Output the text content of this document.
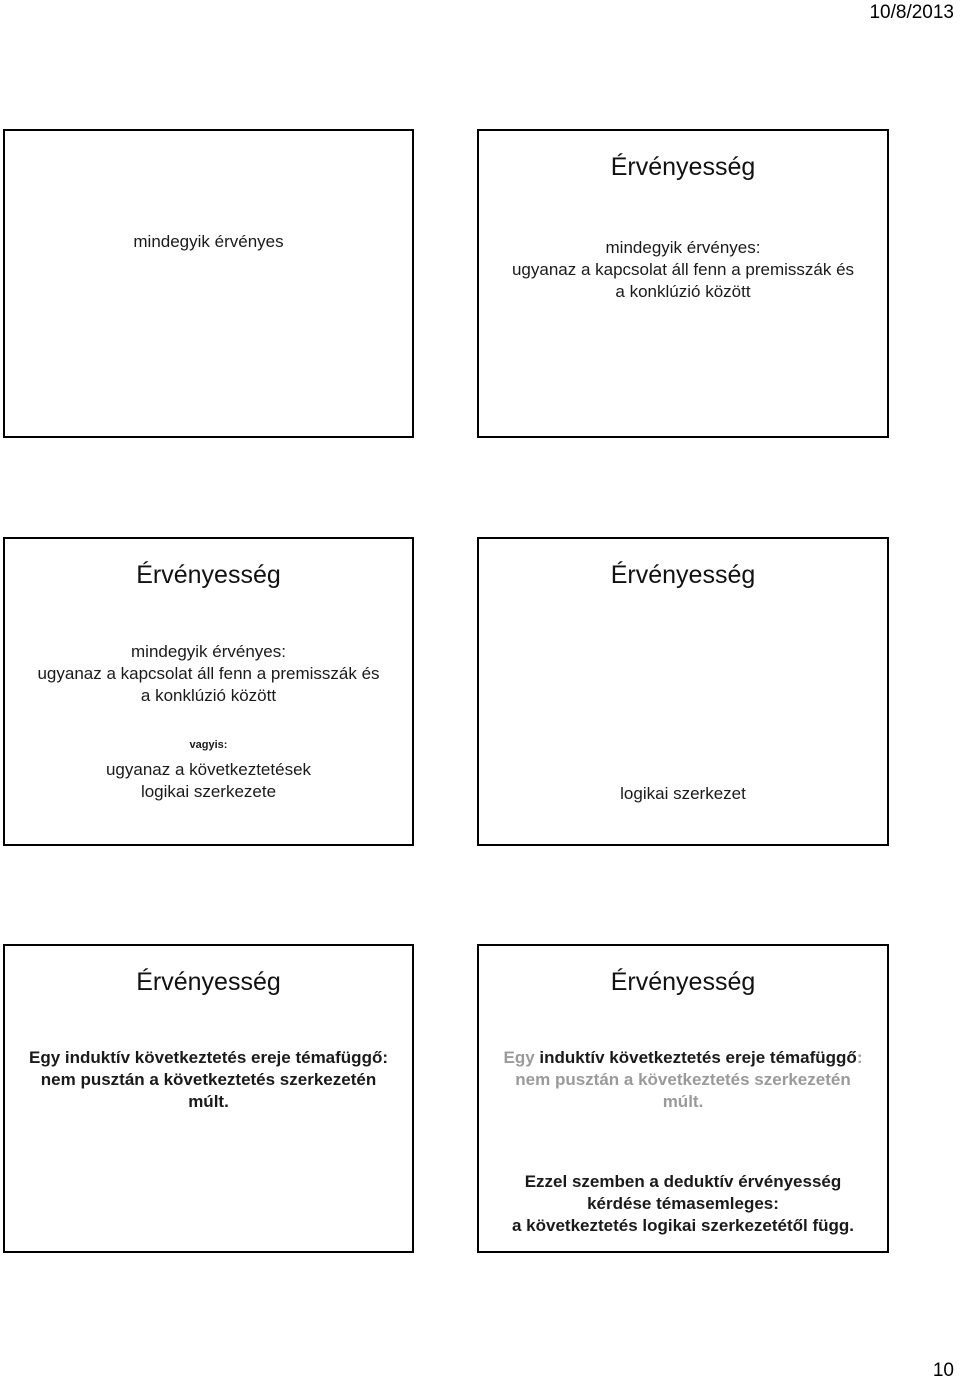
10/8/2013
mindegyik érvényes
Érvényesség
mindegyik érvényes:
ugyanaz a kapcsolat áll fenn a premisszák és
a konklúzió között
Érvényesség
mindegyik érvényes:
ugyanaz a kapcsolat áll fenn a premisszák és
a konklúzió között
vagyis:
ugyanaz a következtetések
logikai szerkezete
Érvényesség
logikai szerkezet
Érvényesség
Egy induktív következtetés ereje témafüggő:
nem pusztán a következtetés szerkezetén
múlt.
Érvényesség
Egy induktív következtetés ereje témafüggő:
nem pusztán a következtetés szerkezetén
múlt.
Ezzel szemben a deduktív érvényesség
kérdése témasemleges:
a következtetés logikai szerkezetétől függ.
10
